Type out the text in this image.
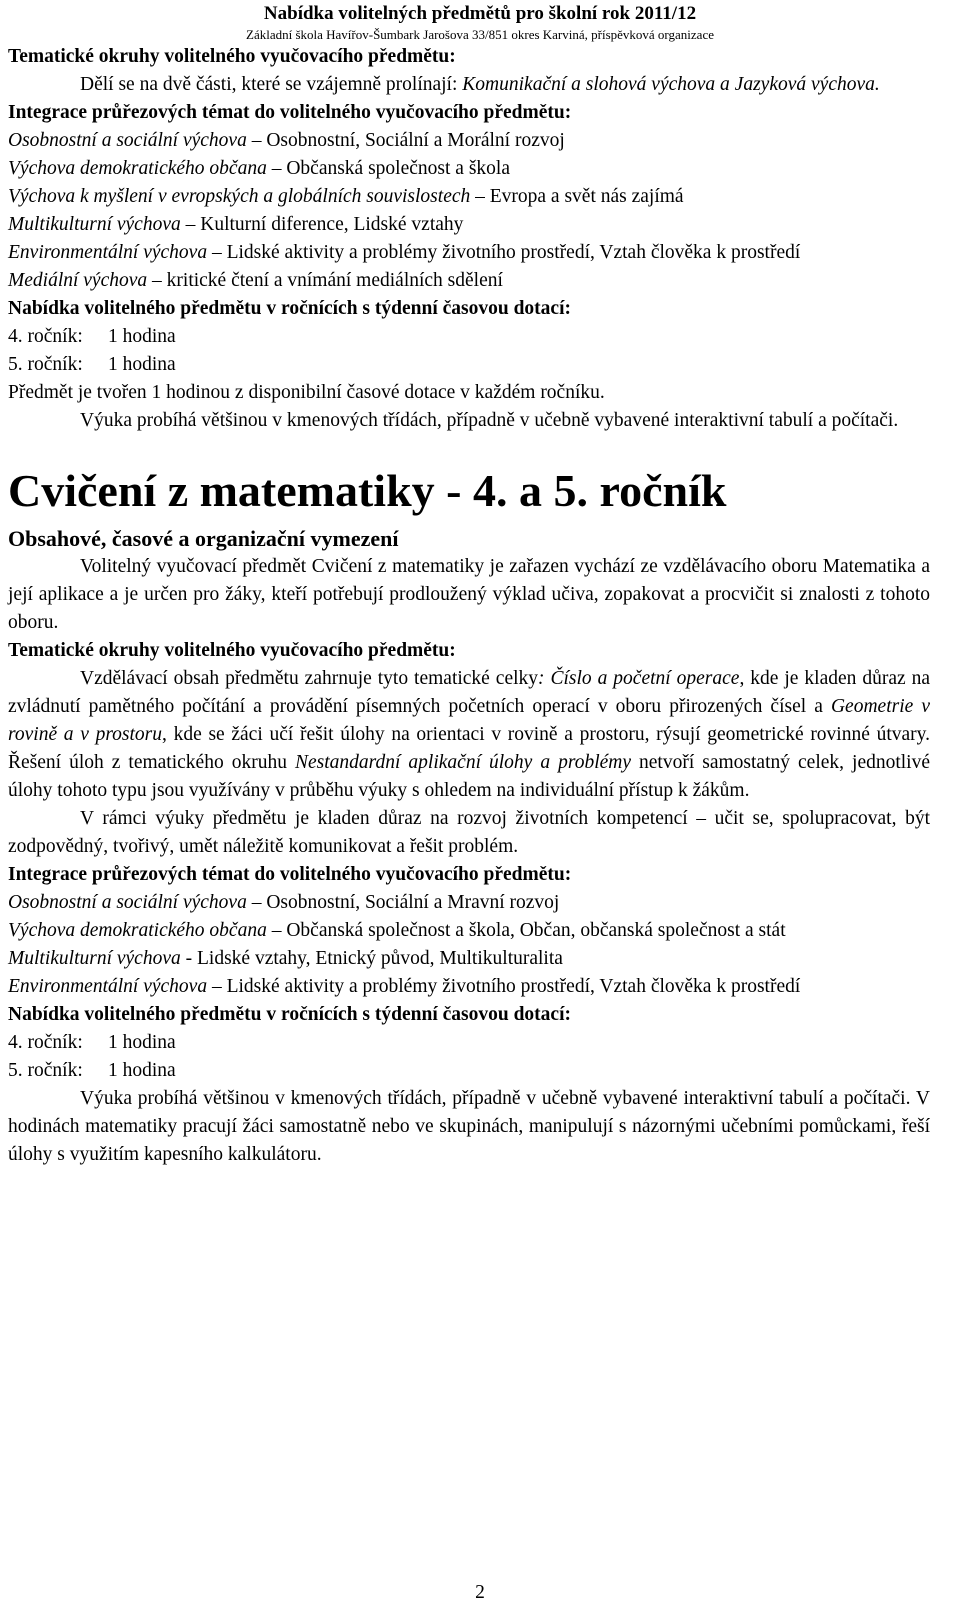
Nabídka volitelných předmětů pro školní rok 2011/12
Základní škola Havířov-Šumbark Jarošova 33/851 okres Karviná, příspěvková organizace

Tematické okruhy volitelného vyučovacího předmětu:

Dělí se na dvě části, které se vzájemně prolínají: Komunikační a slohová výchova a Jazyková výchova.

Integrace průřezových témat do volitelného vyučovacího předmětu:

Osobnostní a sociální výchova – Osobnostní, Sociální a Morální rozvoj

Výchova demokratického občana – Občanská společnost a škola

Výchova k myšlení v evropských a globálních souvislostech – Evropa a svět nás zajímá

Multikulturní výchova – Kulturní diference, Lidské vztahy

Environmentální výchova – Lidské aktivity a problémy životního prostředí, Vztah člověka k prostředí

Mediální výchova – kritické čtení a vnímání mediálních sdělení

Nabídka volitelného předmětu v ročnících s týdenní časovou dotací:

4. ročník: 1 hodina

5. ročník: 1 hodina

Předmět je tvořen 1 hodinou z disponibilní časové dotace v každém ročníku.

Výuka probíhá většinou v kmenových třídách, případně v učebně vybavené interaktivní tabulí a počítači.

Cvičení z matematiky - 4. a 5. ročník

Obsahové, časové a organizační vymezení

Volitelný vyučovací předmět Cvičení z matematiky je zařazen vychází ze vzdělávacího oboru Matematika a její aplikace a je určen pro žáky, kteří potřebují prodloužený výklad učiva, zopakovat a procvičit si znalosti z tohoto oboru.

Tematické okruhy volitelného vyučovacího předmětu:

Vzdělávací obsah předmětu zahrnuje tyto tematické celky: Číslo a početní operace, kde je kladen důraz na zvládnutí pamětného počítání a provádění písemných početních operací v oboru přirozených čísel a Geometrie v rovině a v prostoru, kde se žáci učí řešit úlohy na orientaci v rovině a prostoru, rýsují geometrické rovinné útvary. Řešení úloh z tematického okruhu Nestandardní aplikační úlohy a problémy netvoří samostatný celek, jednotlivé úlohy tohoto typu jsou využívány v průběhu výuky s ohledem na individuální přístup k žákům.

V rámci výuky předmětu je kladen důraz na rozvoj životních kompetencí – učit se, spolupracovat, být zodpovědný, tvořivý, umět náležitě komunikovat a řešit problém.

Integrace průřezových témat do volitelného vyučovacího předmětu:

Osobnostní a sociální výchova – Osobnostní, Sociální a Mravní rozvoj

Výchova demokratického občana – Občanská společnost a škola, Občan, občanská společnost a stát

Multikulturní výchova - Lidské vztahy, Etnický původ, Multikulturalita

Environmentální výchova – Lidské aktivity a problémy životního prostředí, Vztah člověka k prostředí

Nabídka volitelného předmětu v ročnících s týdenní časovou dotací:

4. ročník: 1 hodina

5. ročník: 1 hodina

Výuka probíhá většinou v kmenových třídách, případně v učebně vybavené interaktivní tabulí a počítači. V hodinách matematiky pracují žáci samostatně nebo ve skupinách, manipulují s názornými učebními pomůckami, řeší úlohy s využitím kapesního kalkulátoru.

2
